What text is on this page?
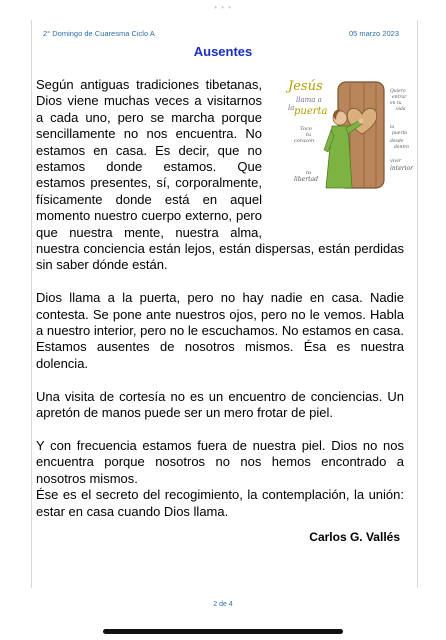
• • •
2° Domingo de Cuaresma Ciclo A	05 marzo 2023
Ausentes
Jesús
llama a
la puerta
Toco
tu
corazón
tu
libertad
Quiero
entrar
en tu
vida
la
puerta
desde
dentro
vivir
interior

Según antiguas tradiciones tibetanas, Dios viene muchas veces a visitarnos a cada uno, pero se marcha porque sencillamente no nos encuentra. No estamos en casa. Es decir, que no estamos donde estamos. Que estamos presentes, sí, corporalmente, físicamente donde está en aquel momento nuestro cuerpo externo, pero que nuestra mente, nuestra alma, nuestra conciencia están lejos, están dispersas, están perdidas sin saber dónde están.

Dios llama a la puerta, pero no hay nadie en casa. Nadie contesta. Se pone ante nuestros ojos, pero no le vemos. Habla a nuestro interior, pero no le escuchamos. No estamos en casa. Estamos ausentes de nosotros mismos. Ésa es nuestra dolencia.

Una visita de cortesía no es un encuentro de conciencias. Un apretón de manos puede ser un mero frotar de piel.

Y con frecuencia estamos fuera de nuestra piel. Dios no nos encuentra porque nosotros no nos hemos encontrado a nosotros mismos.

Ése es el secreto del recogimiento, la contemplación, la unión: estar en casa cuando Dios llama.

Carlos G. Vallés
2 de 4
